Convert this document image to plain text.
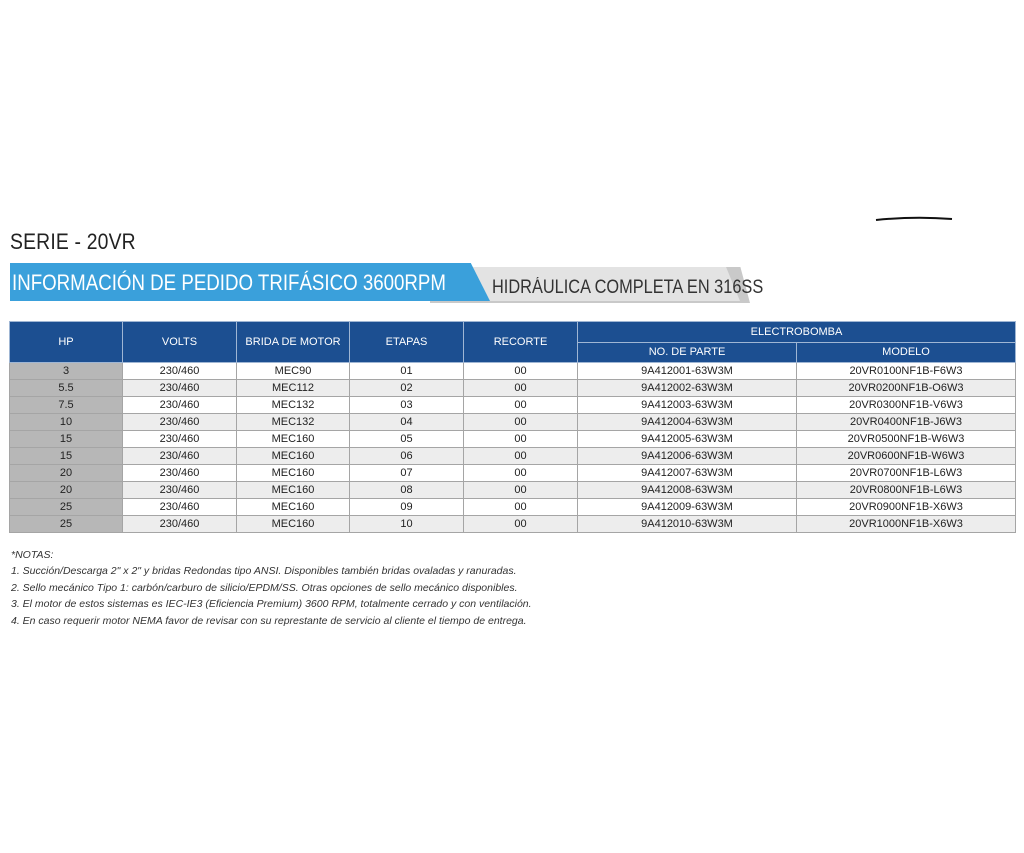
SERIE - 20VR
HIDRÁULICA COMPLETA EN 316SS
INFORMACIÓN DE PEDIDO TRIFÁSICO 3600RPM
HP	VOLTS	BRIDA DE MOTOR	ETAPAS	RECORTE	ELECTROBOMBA	
					NO. DE PARTE	MODELO
3	230/460	MEC90	01	00	9A412001-63W3M	20VR0100NF1B-F6W3
5.5	230/460	MEC112	02	00	9A412002-63W3M	20VR0200NF1B-O6W3
7.5	230/460	MEC132	03	00	9A412003-63W3M	20VR0300NF1B-V6W3
10	230/460	MEC132	04	00	9A412004-63W3M	20VR0400NF1B-J6W3
15	230/460	MEC160	05	00	9A412005-63W3M	20VR0500NF1B-W6W3
15	230/460	MEC160	06	00	9A412006-63W3M	20VR0600NF1B-W6W3
20	230/460	MEC160	07	00	9A412007-63W3M	20VR0700NF1B-L6W3
20	230/460	MEC160	08	00	9A412008-63W3M	20VR0800NF1B-L6W3
25	230/460	MEC160	09	00	9A412009-63W3M	20VR0900NF1B-X6W3
25	230/460	MEC160	10	00	9A412010-63W3M	20VR1000NF1B-X6W3
*NOTAS:
1. Succión/Descarga 2" x 2" y bridas Redondas tipo ANSI. Disponibles también bridas ovaladas y ranuradas.
2. Sello mecánico Tipo 1: carbón/carburo de silicio/EPDM/SS. Otras opciones de sello mecánico disponibles.
3. El motor de estos sistemas es IEC-IE3 (Eficiencia Premium) 3600 RPM, totalmente cerrado y con ventilación.
4. En caso requerir motor NEMA favor de revisar con su represtante de servicio al cliente el tiempo de entrega.
